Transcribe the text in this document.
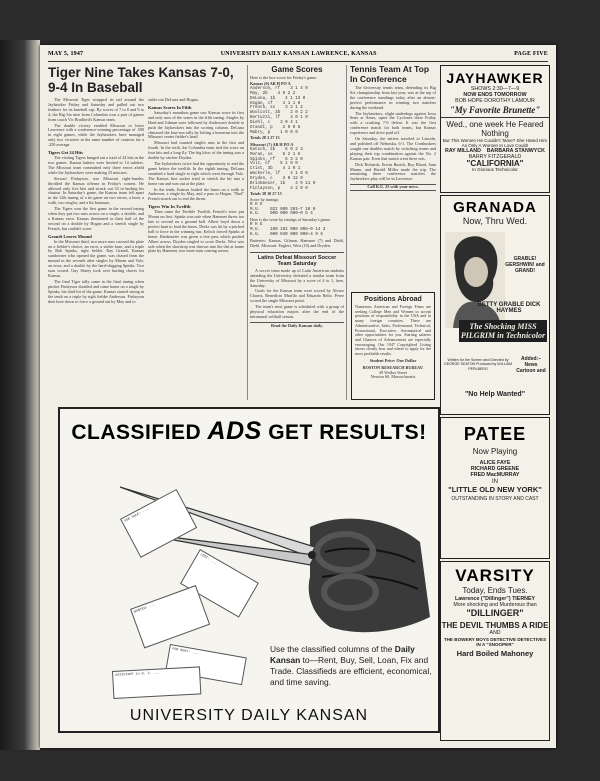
MAY 5, 1947	UNIVERSITY DAILY KANSAN LAWRENCE, KANSAS	PAGE FIVE
Tiger Nine Takes Kansas 7-0, 9-4 In Baseball

The Missouri Tiger wrapped its tail around the Jayhawker Friday and Saturday and pulled out two feathers for its baseball cap. By scores of 7 to 0 and 9 to 4, the Big Six nine from Columbia won a pair of games from coach Vic Bradford's Kansas team.

The double victory enabled Missouri to leave Lawrence with a conference-winning percentage of .500 in eight games, while the Jayhawkers have managed only two victories in the same number of contests for a .250 average.

Tigers Get 24 Hits

The visiting Tigers banged out a total of 24 hits in the two games. Kansas batters were limited to 14 safeties. The Missouri team committed only three errors afield while the Jayhawkers were making 25 miscues.

Stewart Finlayson, star Missouri right-hander, throttled the Kansas offense in Friday's contest. He allowed only five hits and struck out 33 in hurling his shutout. In Saturday's game, the Kansas team fell apart in the 12th inning of a tie game on two errors, a bunt, a walk, two singles, and a hit batsman.

The Tigers won the first game in the second inning when they put two runs across on a single, a double, and a Kansas error. Kansas threatened in their half of the second on a double by Hogan and a stretch single by French, but couldn't score.

Grandt Leaves Mound

In the Missouri third, two more runs crossed the plate on a fielder's choice, an error, a stolen base, and a triple by Bob Spinks, right fielder. Ray Grandt, Kansas sundowner who opened the game, was chased from the mound in the seventh after singles by Moran and Volz, an error, and a double by the hard-slugging Spinks. Two runs scored. Guy Shirey took over hurling chores for Kansas.

The final Tiger tally came in the final inning when pitcher Finlayson doubled and came home on a single by Spinks, his third hit of the game. Kansas started strong in the tenth on a triple by right fielder Anderson. Finlayson then bore down to force a ground out by May and to

strike out DeLuna and Hogan.

Kansas Scores In Fifth

Saturday's marathon game saw Kansas score its first and only runs of the series in the fifth inning. Singles by Hard and Gilman were followed by Anderson's double to push the Jayhawkers into the scoring column. DeLuna climaxed the four-run rally by lofting a homerun into the Missouri center fielder's head.

Missouri had counted singles runs in the first and fourth. In the sixth, the Columbia team tied the score on four hits and a long fly. The big blow of the inning was a double by catcher Dryden.

The Jayhawkers twice had the opportunity to end the game before the twelfth. In the eighth inning, DeLuna smashed a hard single to right which went through Volz. The Kansas first sacker tried to stretch the hit into a home run and was out at the plate.

In the tenth, Kansas loaded the bases on a walk to Anderson, a single by May, and a pass to Hogan. "Bud" French struck out to end the threat.

Tigers Win In Twelfth

Then came the Terrible Twelfth. French's error put Moran on first. Spinks was safe when Hammer threw too late to second on a ground ball. Albert hoyd down a perfect bunt to load the bases. Derks was hit by a pitched ball to force in the winning run. Kelsch forced Spinks at home. Brinkmeier was given a free pass which pushed Albert across. Dryden singled to score Derks. West was safe when the shortstop was thrown into the dirt at home plate by Hammer, two more runs coming across.

Game Scores
Here is the box-score for Friday's game:
Kansas (0) AB H PO A
Anderson, rf    3 1 4 0
May, 2b    4 0 2 2
DeLuna, 1b    4 1 13 0
Hogan, cf    4 1 1 0
French, ss    3 2 1 2
Woolcott, 3b    2 0 2 2
Bertuzzi, lf    3 0 1 0
Diehl, c    3 0 4 1
Grandt, p    2 0 0 6
Mabry, p    1 0 0 0
Totals 28 3 27 13
Missouri (7) AB H PO A
Katsch, 2b    5 0 2 3
Moran, ss    5 2 1 5
Spinks, rf    5 3 2 0
Volz, cf    5 1 0 0
Crist, 3b    4 1 0 1
Wackerle, lf    4 1 0 0
Dryden, c    3 0 12 0
Brinkmeier, 1b    3 0 11 0
Finlayson, p    4 2 0 0
Totals 38 10 27 15
Score by innings:
R H E
M.U.    022 000 201—7 10 0
K.U.    000 000 000—0 5 4
Here is the score by innings of Saturday's game:
R H E
M.U.    100 102 000 005—9 14 3
K.U.    000 040 000 000—4 9 6
Batteries: Kansas, Gilman, Hammer (7) and Diehl, Diehl. Missouri: Englert, West (10) and Dryden.
Latins Defeat Missouri Soccer Team Saturday

A soccer team made up of Latin American students attending the University defeated a similar team from the University of Missouri by a score of 4 to 1, here, Saturday.

Goals for the Kansas team were scored by Alvaro Charris, Benedicto Murillo and Eduardo Belio. Perez scored the single Missouri point.

The team's next game is scheduled with a group of physical education majors after the end of the intramural softball season.

Read the Daily Kansan daily.
Tennis Team At Top In Conference

The University tennis team, defending its Big Six championship from last year, was at the top of the conference standings today after an almost-perfect performance in winning two matches during the weekend.

The Jayhawkers, slight underdogs against Iowa State at Ames, upset the Cyclones there Friday with a crushing 7-0 defeat. It was the first conference match for both teams, but Kansas experience and drive paid off.

On Saturday, the netters traveled to Lincoln, and polished off Nebraska, 6-1. The Cornhuskers sought one doubles match by switching teams and playing their top combination against the No. 2 Kansas pair. Even that match went three sets.

Dick Richards, Erwin Busick, Roy Blood, Sam Munro, and Harold Miller made the trip. The remaining three conference matches the Jayhawkers play will be in Lawrence.

Call K.U. 25 with your news.
Positions Abroad

Numerous American and Foreign Firms are seeking College Men and Women to accept positions of responsibility in the USA and in many foreign countries. These are Administrative, Sales, Professional, Technical, Promotional, Executive, Aeronautical and other opportunities for you. Starting salaries and Chances of Advancement are especially encouraging. Our 1947 Copyrighted Listing shows clearly how and where to apply for the most profitable results.

Student Price: One Dollar
BOSTON RESEARCH BUREAU
49 Walker Street
Newton 60, Massachusetts
CLASSIFIED ADS GET RESULTS!
FOR SALE: ...
LOST: ...
WANTED: ...
FOR RENT: ...
ASSISTANT in N. C. ...
Use the classified columns of the Daily Kansan to—Rent, Buy, Sell, Loan, Fix and Trade. Classifieds are efficient, economical, and time saving.
UNIVERSITY DAILY KANSAN
JAYHAWKER
SHOWS 2:30—7—9
NOW ENDS TOMORROW
BOB HOPE DOROTHY LAMOUR
"My Favorite Brunette"
Wed., one week He Feared Nothing
But This Women He Couldn't Tame? She Hated Him
As Only A Women In Love Could!
RAY MILLAND BARBARA STANWYCK
BARRY FITZGERALD
"CALIFORNIA"
In Glorious Technicolor
GRANADA
Now, Thru Wed.
GRABLE! GERSHWIN! and GRAND!
BETTY GRABLE DICK HAYMES
The Shocking MISS PILGRIM in Technicolor
Written for the Screen and Directed by GEORGE SEATON Produced by WILLIAM PERLBERG
Added:– News Cartoon and
"No Help Wanted"
PATEE
Now Playing
ALICE FAYE
RICHARD GREENE
FRED MacMURRAY
IN
"LITTLE OLD NEW YORK"
OUTSTANDING IN STORY AND CAST
VARSITY
Today, Ends Tues.
Lawrence ("Dillinger") TIERNEY
More shocking and Murderous than
"DILLINGER"
THE DEVIL THUMBS A RIDE
AND
THE BOWERY BOYS DETECTIVE DETECTIVES IN A "SNOOPER"
Hard Boiled Mahoney
